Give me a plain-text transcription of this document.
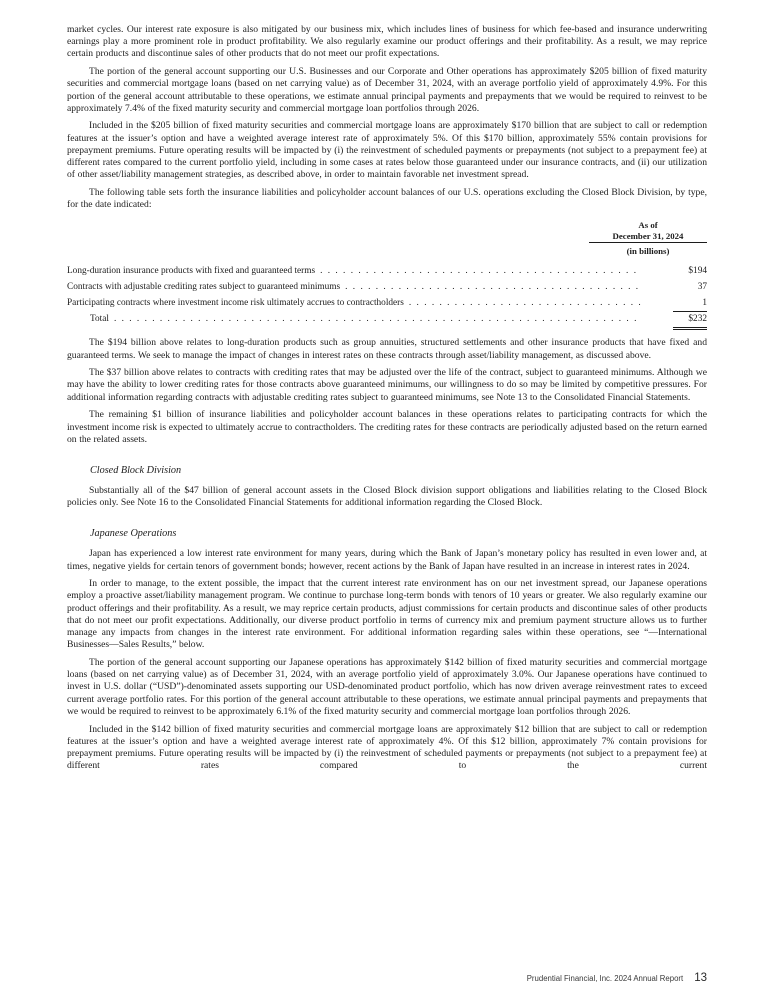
market cycles. Our interest rate exposure is also mitigated by our business mix, which includes lines of business for which fee-based and insurance underwriting earnings play a more prominent role in product profitability. We also regularly examine our product offerings and their profitability. As a result, we may reprice certain products and discontinue sales of other products that do not meet our profit expectations.

The portion of the general account supporting our U.S. Businesses and our Corporate and Other operations has approximately $205 billion of fixed maturity securities and commercial mortgage loans (based on net carrying value) as of December 31, 2024, with an average portfolio yield of approximately 4.9%. For this portion of the general account attributable to these operations, we estimate annual principal payments and prepayments that we would be required to reinvest to be approximately 7.4% of the fixed maturity security and commercial mortgage loan portfolios through 2026.

Included in the $205 billion of fixed maturity securities and commercial mortgage loans are approximately $170 billion that are subject to call or redemption features at the issuer’s option and have a weighted average interest rate of approximately 5%. Of this $170 billion, approximately 55% contain provisions for prepayment premiums. Future operating results will be impacted by (i) the reinvestment of scheduled payments or prepayments (not subject to a prepayment fee) at different rates compared to the current portfolio yield, including in some cases at rates below those guaranteed under our insurance contracts, and (ii) our utilization of other asset/liability management strategies, as described above, in order to maintain favorable net investment spread.

The following table sets forth the insurance liabilities and policyholder account balances of our U.S. operations excluding the Closed Block Division, by type, for the date indicated:

As of
December 31, 2024
(in billions)
Long-duration insurance products with fixed and guaranteed terms . . .	$194
Contracts with adjustable crediting rates subject to guaranteed minimums . . .	37
Participating contracts where investment income risk ultimately accrues to contractholders . . .	1
Total . . .	$232

The $194 billion above relates to long-duration products such as group annuities, structured settlements and other insurance products that have fixed and guaranteed terms. We seek to manage the impact of changes in interest rates on these contracts through asset/liability management, as discussed above.

The $37 billion above relates to contracts with crediting rates that may be adjusted over the life of the contract, subject to guaranteed minimums. Although we may have the ability to lower crediting rates for those contracts above guaranteed minimums, our willingness to do so may be limited by competitive pressures. For additional information regarding contracts with adjustable crediting rates subject to guaranteed minimums, see Note 13 to the Consolidated Financial Statements.

The remaining $1 billion of insurance liabilities and policyholder account balances in these operations relates to participating contracts for which the investment income risk is expected to ultimately accrue to contractholders. The crediting rates for these contracts are periodically adjusted based on the return earned on the related assets.

Closed Block Division

Substantially all of the $47 billion of general account assets in the Closed Block division support obligations and liabilities relating to the Closed Block policies only. See Note 16 to the Consolidated Financial Statements for additional information regarding the Closed Block.

Japanese Operations

Japan has experienced a low interest rate environment for many years, during which the Bank of Japan’s monetary policy has resulted in even lower and, at times, negative yields for certain tenors of government bonds; however, recent actions by the Bank of Japan have resulted in an increase in interest rates in 2024.

In order to manage, to the extent possible, the impact that the current interest rate environment has on our net investment spread, our Japanese operations employ a proactive asset/liability management program. We continue to purchase long-term bonds with tenors of 10 years or greater. We also regularly examine our product offerings and their profitability. As a result, we may reprice certain products, adjust commissions for certain products and discontinue sales of other products that do not meet our profit expectations. Additionally, our diverse product portfolio in terms of currency mix and premium payment structure allows us to further manage any impacts from changes in the interest rate environment. For additional information regarding sales within these operations, see “—International Businesses—Sales Results,” below.

The portion of the general account supporting our Japanese operations has approximately $142 billion of fixed maturity securities and commercial mortgage loans (based on net carrying value) as of December 31, 2024, with an average portfolio yield of approximately 3.0%. Our Japanese operations have continued to invest in U.S. dollar (“USD”)-denominated assets supporting our USD-denominated product portfolio, which has now driven average reinvestment rates to exceed current average portfolio rates. For this portion of the general account attributable to these operations, we estimate annual principal payments and prepayments that we would be required to reinvest to be approximately 6.1% of the fixed maturity security and commercial mortgage loan portfolios through 2026.

Included in the $142 billion of fixed maturity securities and commercial mortgage loans are approximately $12 billion that are subject to call or redemption features at the issuer’s option and have a weighted average interest rate of approximately 4%. Of this $12 billion, approximately 7% contain provisions for prepayment premiums. Future operating results will be impacted by (i) the reinvestment of scheduled payments or prepayments (not subject to a prepayment fee) at different rates compared to the current

Prudential Financial, Inc. 2024 Annual Report 13
